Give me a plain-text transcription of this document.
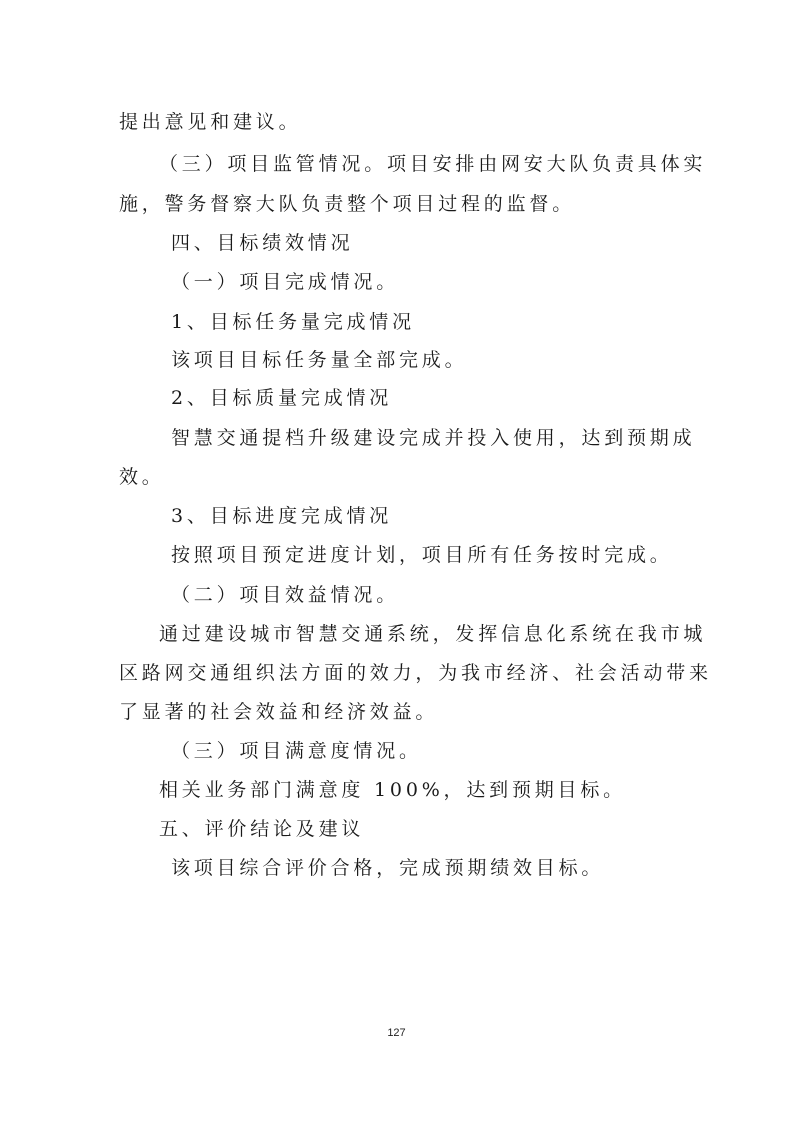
提出意见和建议。

（三）项目监管情况。项目安排由网安大队负责具体实

施，警务督察大队负责整个项目过程的监督。

四、目标绩效情况

（一）项目完成情况。

1、目标任务量完成情况

该项目目标任务量全部完成。

2、目标质量完成情况

智慧交通提档升级建设完成并投入使用，达到预期成

效。

3、目标进度完成情况

按照项目预定进度计划，项目所有任务按时完成。

（二）项目效益情况。

通过建设城市智慧交通系统，发挥信息化系统在我市城

区路网交通组织法方面的效力，为我市经济、社会活动带来

了显著的社会效益和经济效益。

（三）项目满意度情况。

相关业务部门满意度 100%，达到预期目标。

五、评价结论及建议

该项目综合评价合格，完成预期绩效目标。

127
